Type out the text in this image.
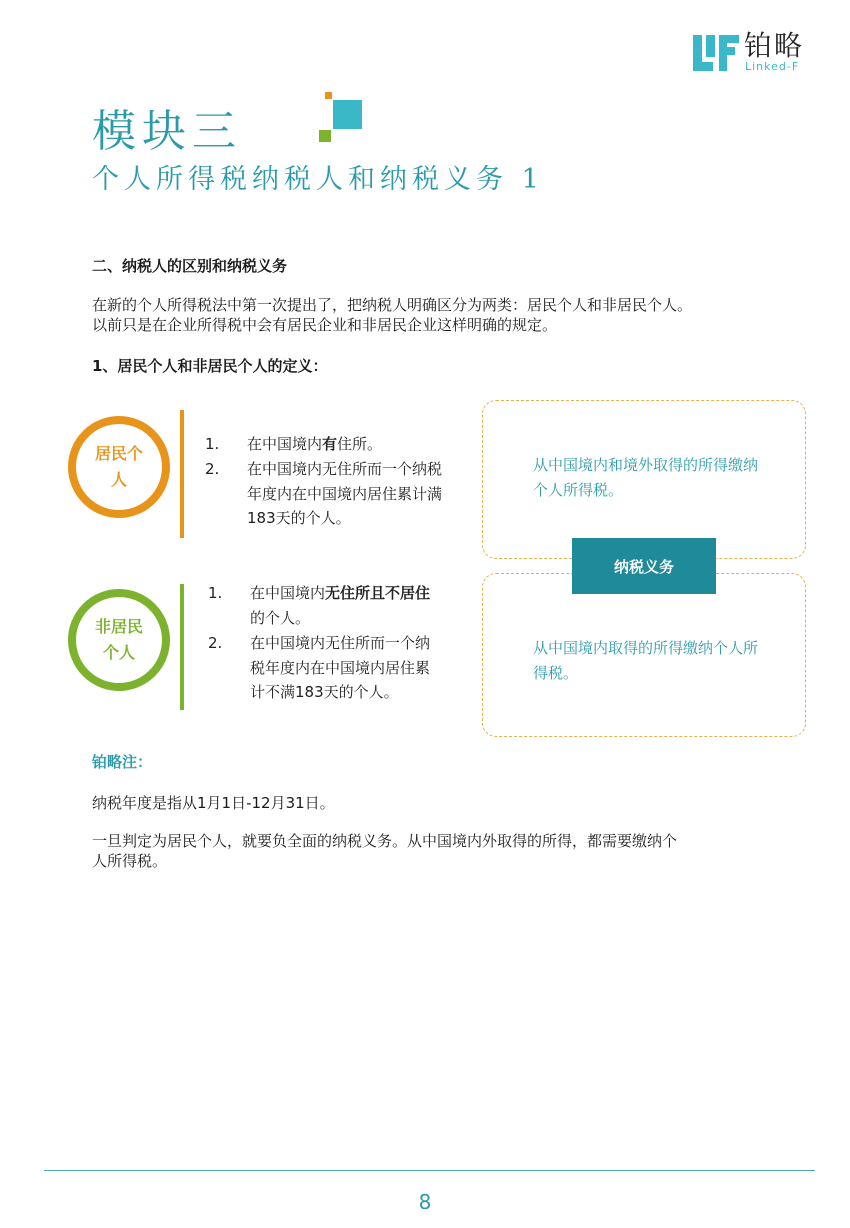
铂略
Linked-F
模块三
个人所得税纳税人和纳税义务 1
二、纳税人的区别和纳税义务
在新的个人所得税法中第一次提出了，把纳税人明确区分为两类：居民个人和非居民个人。
以前只是在企业所得税中会有居民企业和非居民企业这样明确的规定。
1、居民个人和非居民个人的定义：
居民个
人
1. 在中国境内有住所。
2. 在中国境内无住所而一个纳税
年度内在中国境内居住累计满
183天的个人。
非居民
个人
1. 在中国境内无住所且不居住
的个人。
2. 在中国境内无住所而一个纳
税年度内在中国境内居住累
计不满183天的个人。
从中国境内和境外取得的所得缴纳
个人所得税。
从中国境内取得的所得缴纳个人所
得税。
纳税义务
铂略注：
纳税年度是指从1月1日-12月31日。
一旦判定为居民个人，就要负全面的纳税义务。从中国境内外取得的所得，都需要缴纳个
人所得税。
8
